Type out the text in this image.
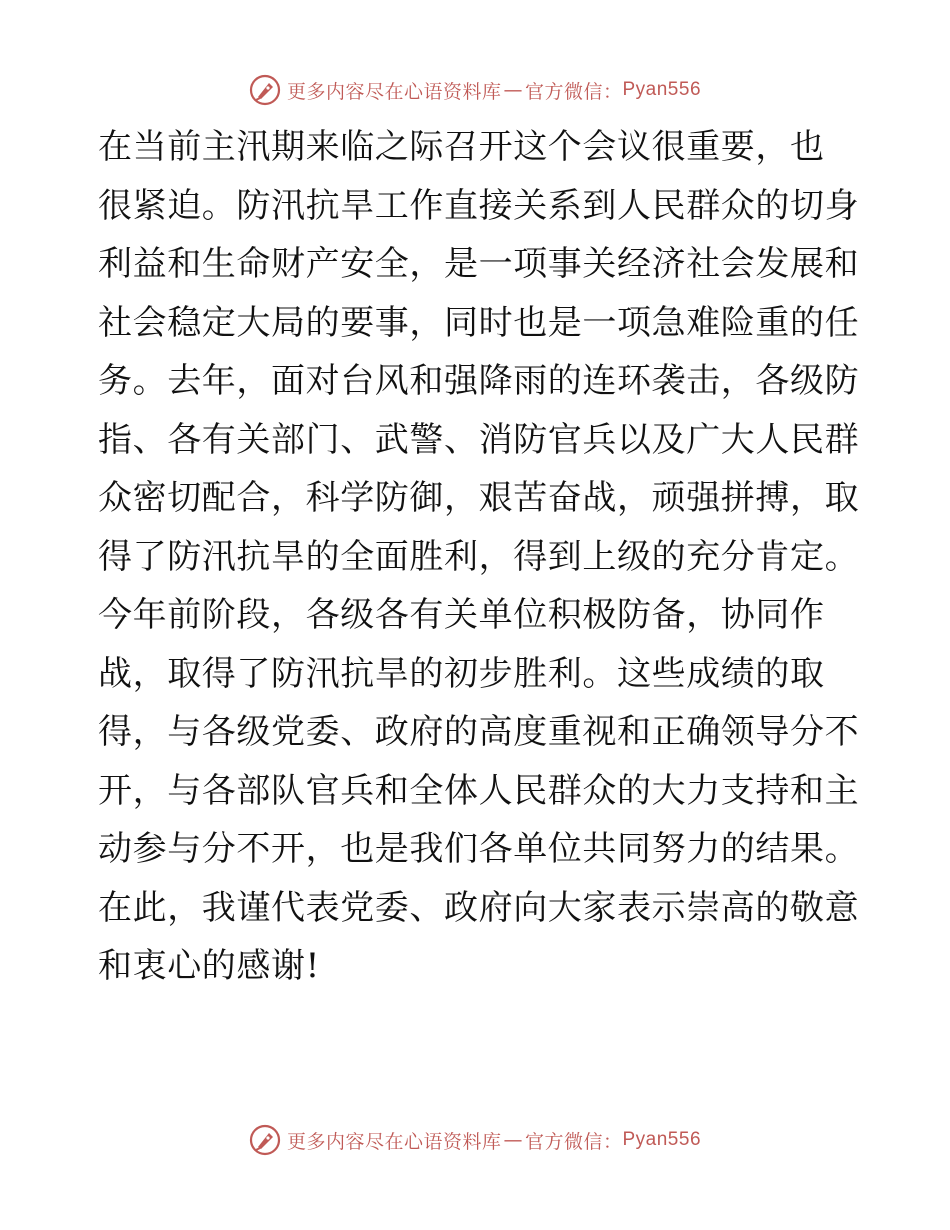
更多内容尽在心语资料库 — 官方微信： Pyan556
在当前主汛期来临之际召开这个会议很重要，也
很紧迫。防汛抗旱工作直接关系到人民群众的切身
利益和生命财产安全，是一项事关经济社会发展和
社会稳定大局的要事，同时也是一项急难险重的任
务。去年，面对台风和强降雨的连环袭击，各级防
指、各有关部门、武警、消防官兵以及广大人民群
众密切配合，科学防御，艰苦奋战，顽强拼搏，取
得了防汛抗旱的全面胜利，得到上级的充分肯定。
今年前阶段，各级各有关单位积极防备，协同作
战，取得了防汛抗旱的初步胜利。这些成绩的取
得，与各级党委、政府的高度重视和正确领导分不
开，与各部队官兵和全体人民群众的大力支持和主
动参与分不开，也是我们各单位共同努力的结果。
在此，我谨代表党委、政府向大家表示崇高的敬意
和衷心的感谢!
更多内容尽在心语资料库 — 官方微信： Pyan556
